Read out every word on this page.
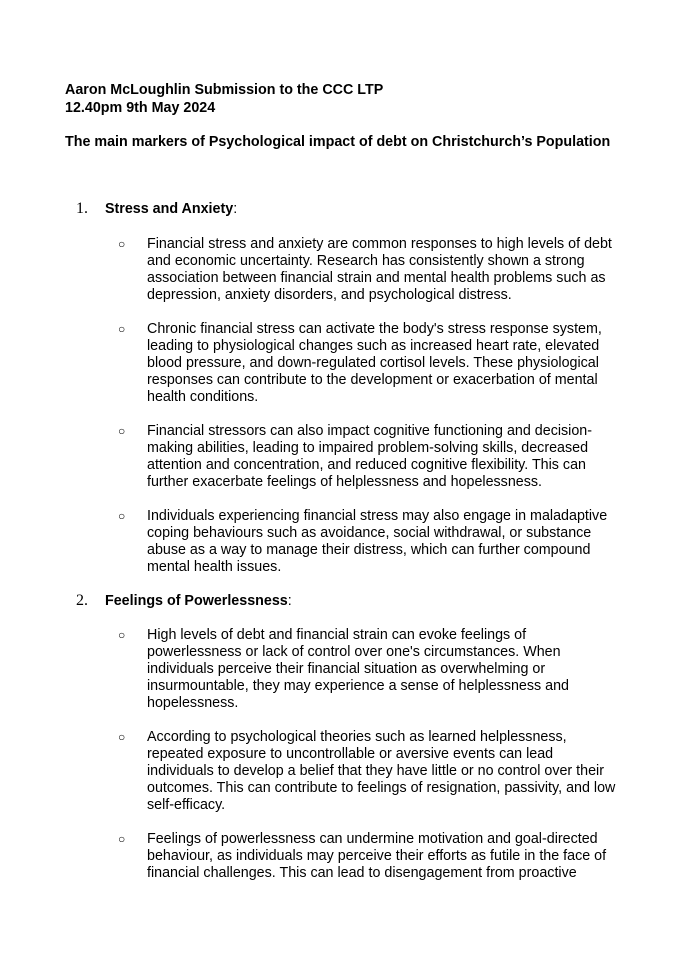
Aaron McLoughlin Submission to the CCC LTP
12.40pm 9th May 2024
The main markers of Psychological impact of debt on Christchurch’s Population
1. Stress and Anxiety:
○ Financial stress and anxiety are common responses to high levels of debt and economic uncertainty. Research has consistently shown a strong association between financial strain and mental health problems such as depression, anxiety disorders, and psychological distress.
○ Chronic financial stress can activate the body's stress response system, leading to physiological changes such as increased heart rate, elevated blood pressure, and down-regulated cortisol levels. These physiological responses can contribute to the development or exacerbation of mental health conditions.
○ Financial stressors can also impact cognitive functioning and decision-making abilities, leading to impaired problem-solving skills, decreased attention and concentration, and reduced cognitive flexibility. This can further exacerbate feelings of helplessness and hopelessness.
○ Individuals experiencing financial stress may also engage in maladaptive coping behaviours such as avoidance, social withdrawal, or substance abuse as a way to manage their distress, which can further compound mental health issues.
2. Feelings of Powerlessness:
○ High levels of debt and financial strain can evoke feelings of powerlessness or lack of control over one's circumstances. When individuals perceive their financial situation as overwhelming or insurmountable, they may experience a sense of helplessness and hopelessness.
○ According to psychological theories such as learned helplessness, repeated exposure to uncontrollable or aversive events can lead individuals to develop a belief that they have little or no control over their outcomes. This can contribute to feelings of resignation, passivity, and low self-efficacy.
○ Feelings of powerlessness can undermine motivation and goal-directed behaviour, as individuals may perceive their efforts as futile in the face of financial challenges. This can lead to disengagement from proactive
